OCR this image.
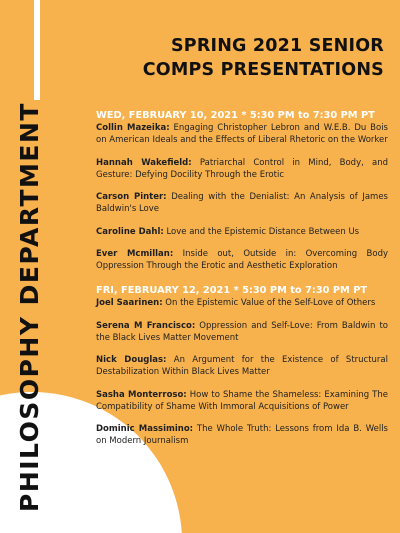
PHILOSOPHY DEPARTMENT
SPRING 2021 SENIOR
COMPS PRESENTATIONS
WED, FEBRUARY 10, 2021 * 5:30 PM to 7:30 PM PT
Collin Mazeika: Engaging Christopher Lebron and W.E.B. Du Bois on American Ideals and the Effects of Liberal Rhetoric on the Worker
Hannah Wakefield: Patriarchal Control in Mind, Body, and Gesture: Defying Docility Through the Erotic
Carson Pinter: Dealing with the Denialist: An Analysis of James Baldwin's Love
Caroline Dahl: Love and the Epistemic Distance Between Us
Ever Mcmillan: Inside out, Outside in: Overcoming Body Oppression Through the Erotic and Aesthetic Exploration
FRI, FEBRUARY 12, 2021 * 5:30 PM to 7:30 PM PT
Joel Saarinen: On the Epistemic Value of the Self-Love of Others
Serena M Francisco: Oppression and Self-Love: From Baldwin to the Black Lives Matter Movement
Nick Douglas: An Argument for the Existence of Structural Destabilization Within Black Lives Matter
Sasha Monterroso: How to Shame the Shameless: Examining The Compatibility of Shame With Immoral Acquisitions of Power
Dominic Massimino: The Whole Truth: Lessons from Ida B. Wells on Modern Journalism
